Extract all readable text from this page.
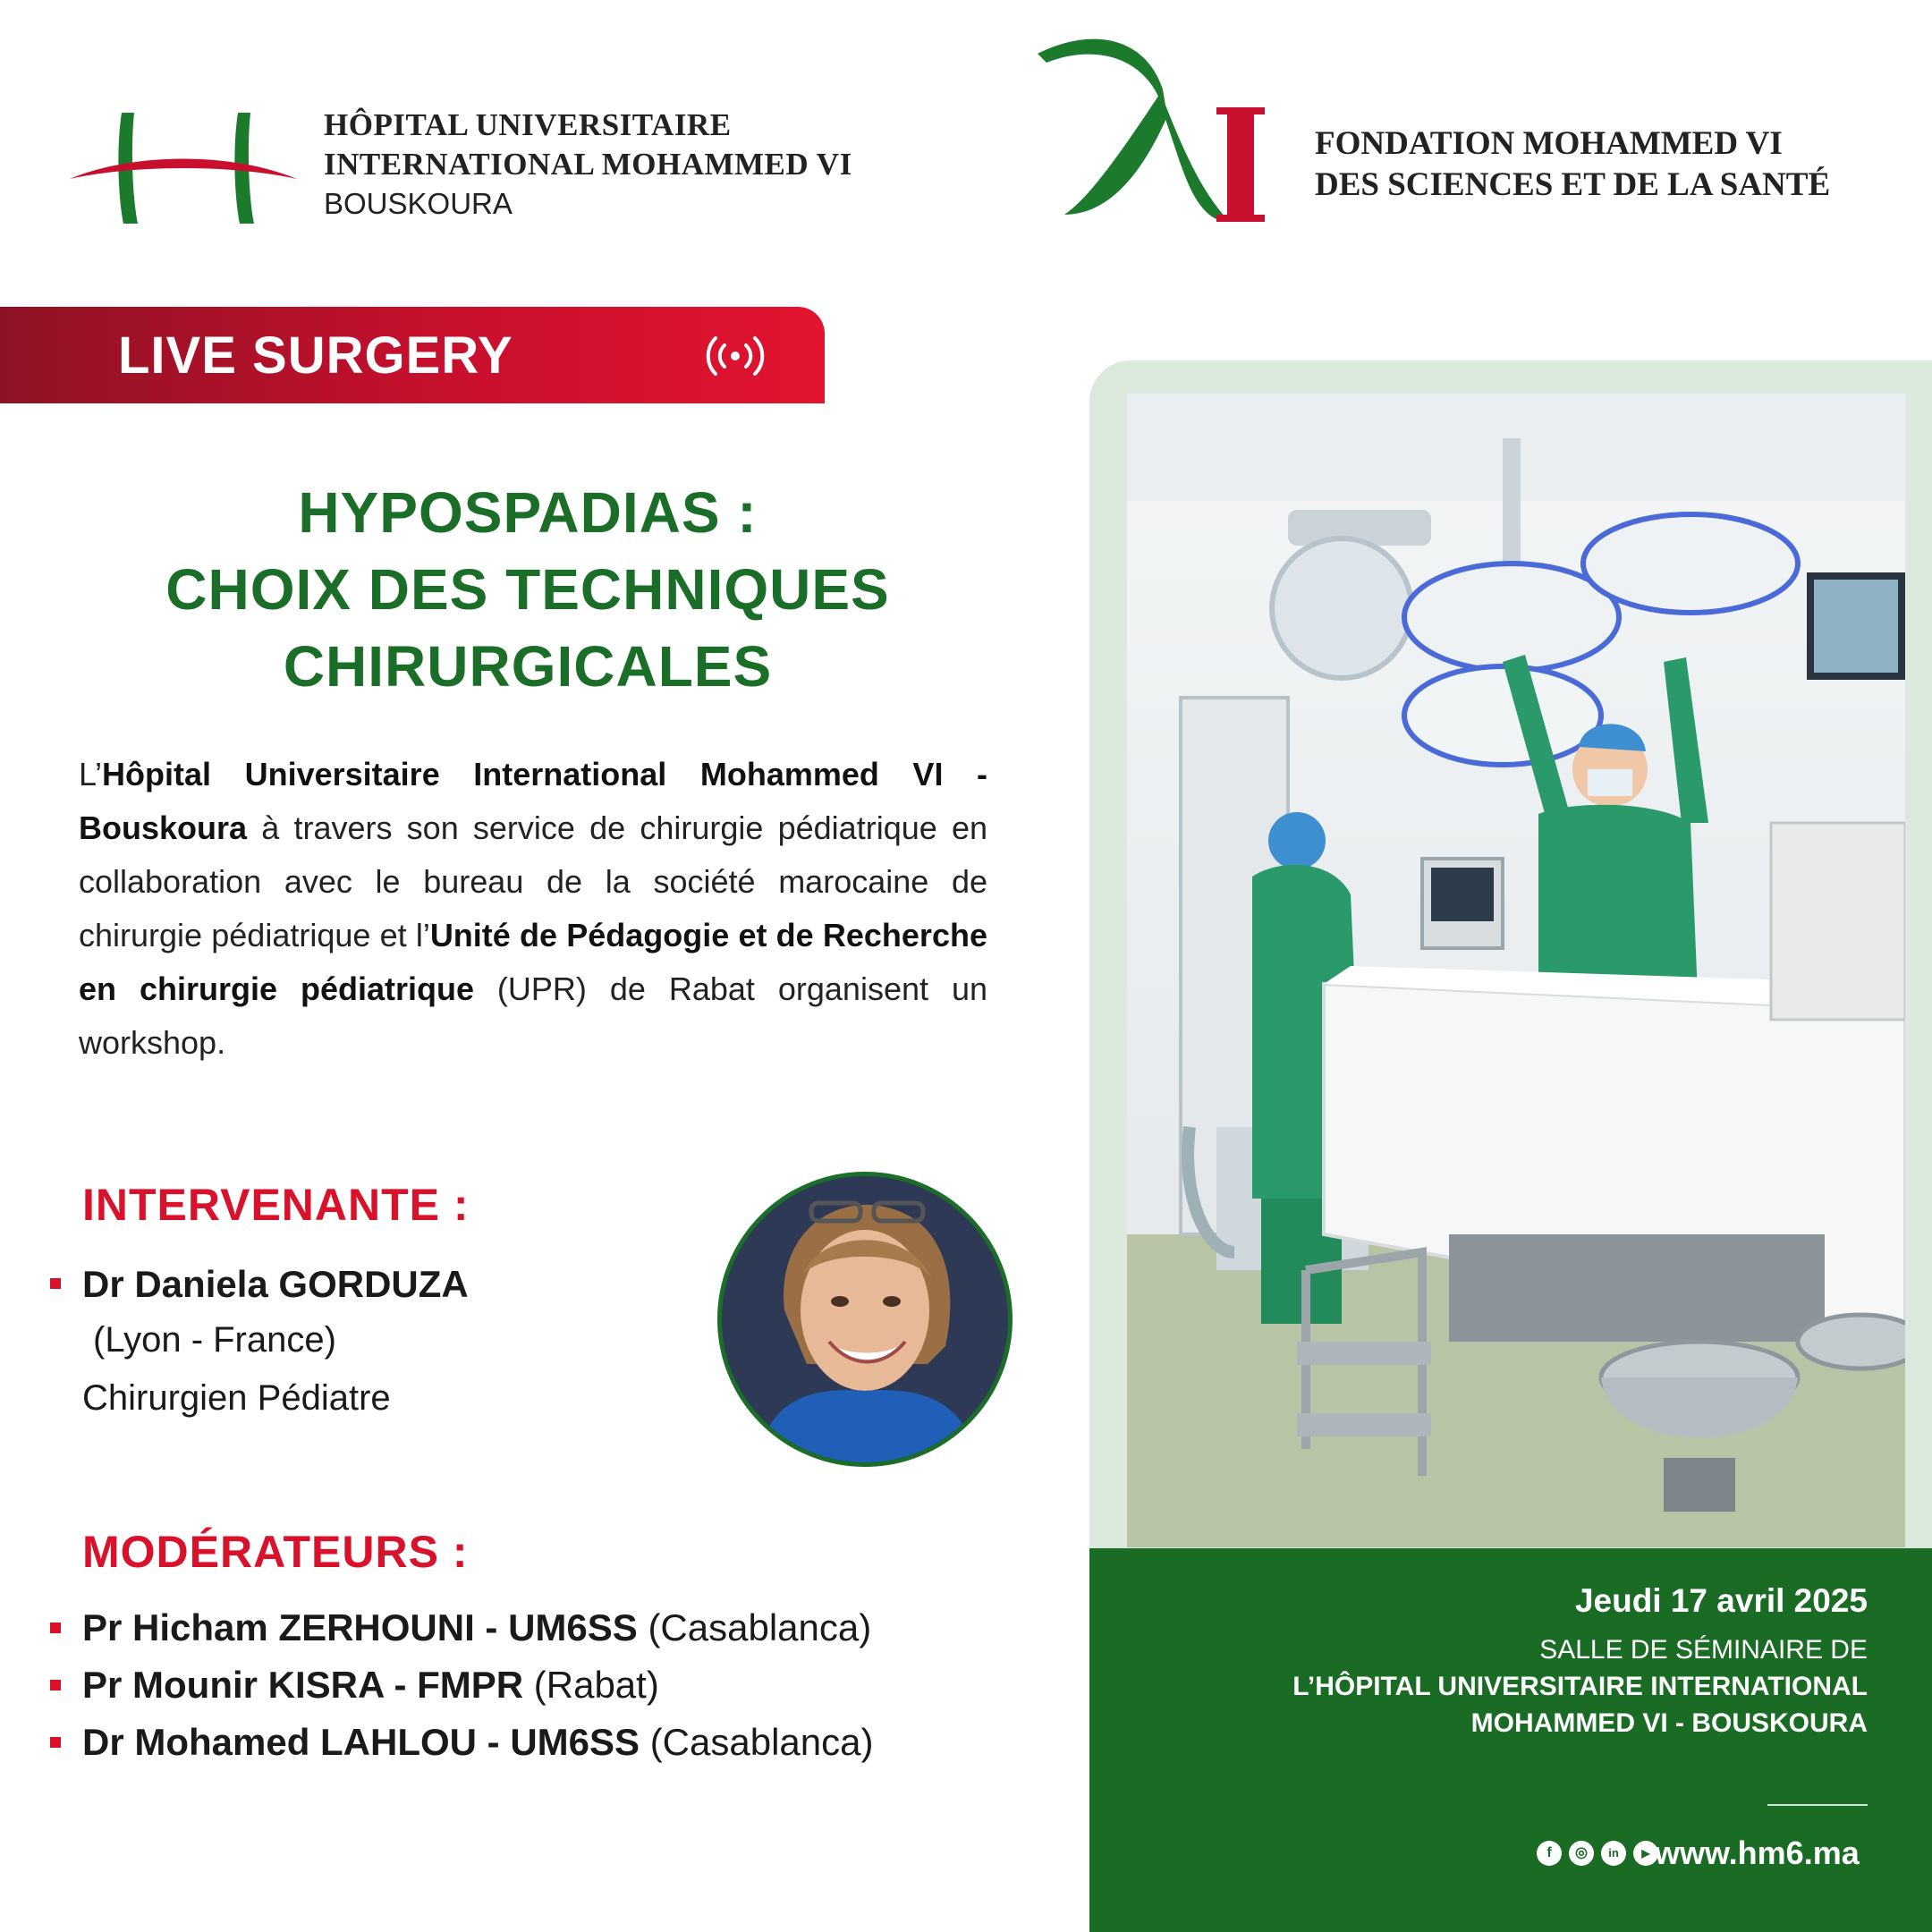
HÔPITAL UNIVERSITAIRE
INTERNATIONAL MOHAMMED VI
BOUSKOURA
FONDATION MOHAMMED VI
DES SCIENCES ET DE LA SANTÉ
LIVE SURGERY
HYPOSPADIAS :
CHOIX DES TECHNIQUES
CHIRURGICALES
L’Hôpital Universitaire International Mohammed VI - Bouskoura à travers son service de chirurgie pédiatrique en collaboration avec le bureau de la société marocaine de chirurgie pédiatrique et l’Unité de Pédagogie et de Recherche en chirurgie pédiatrique (UPR) de Rabat organisent un workshop.
INTERVENANTE :
Dr Daniela GORDUZA
(Lyon - France)
Chirurgien Pédiatre
MODÉRATEURS :
Pr Hicham ZERHOUNI - UM6SS (Casablanca)
Pr Mounir KISRA - FMPR (Rabat)
Dr Mohamed LAHLOU - UM6SS (Casablanca)
Jeudi 17 avril 2025
SALLE DE SÉMINAIRE DE
L’HÔPITAL UNIVERSITAIRE INTERNATIONAL
MOHAMMED VI - BOUSKOURA
f	◎	in	▶ www.hm6.ma
